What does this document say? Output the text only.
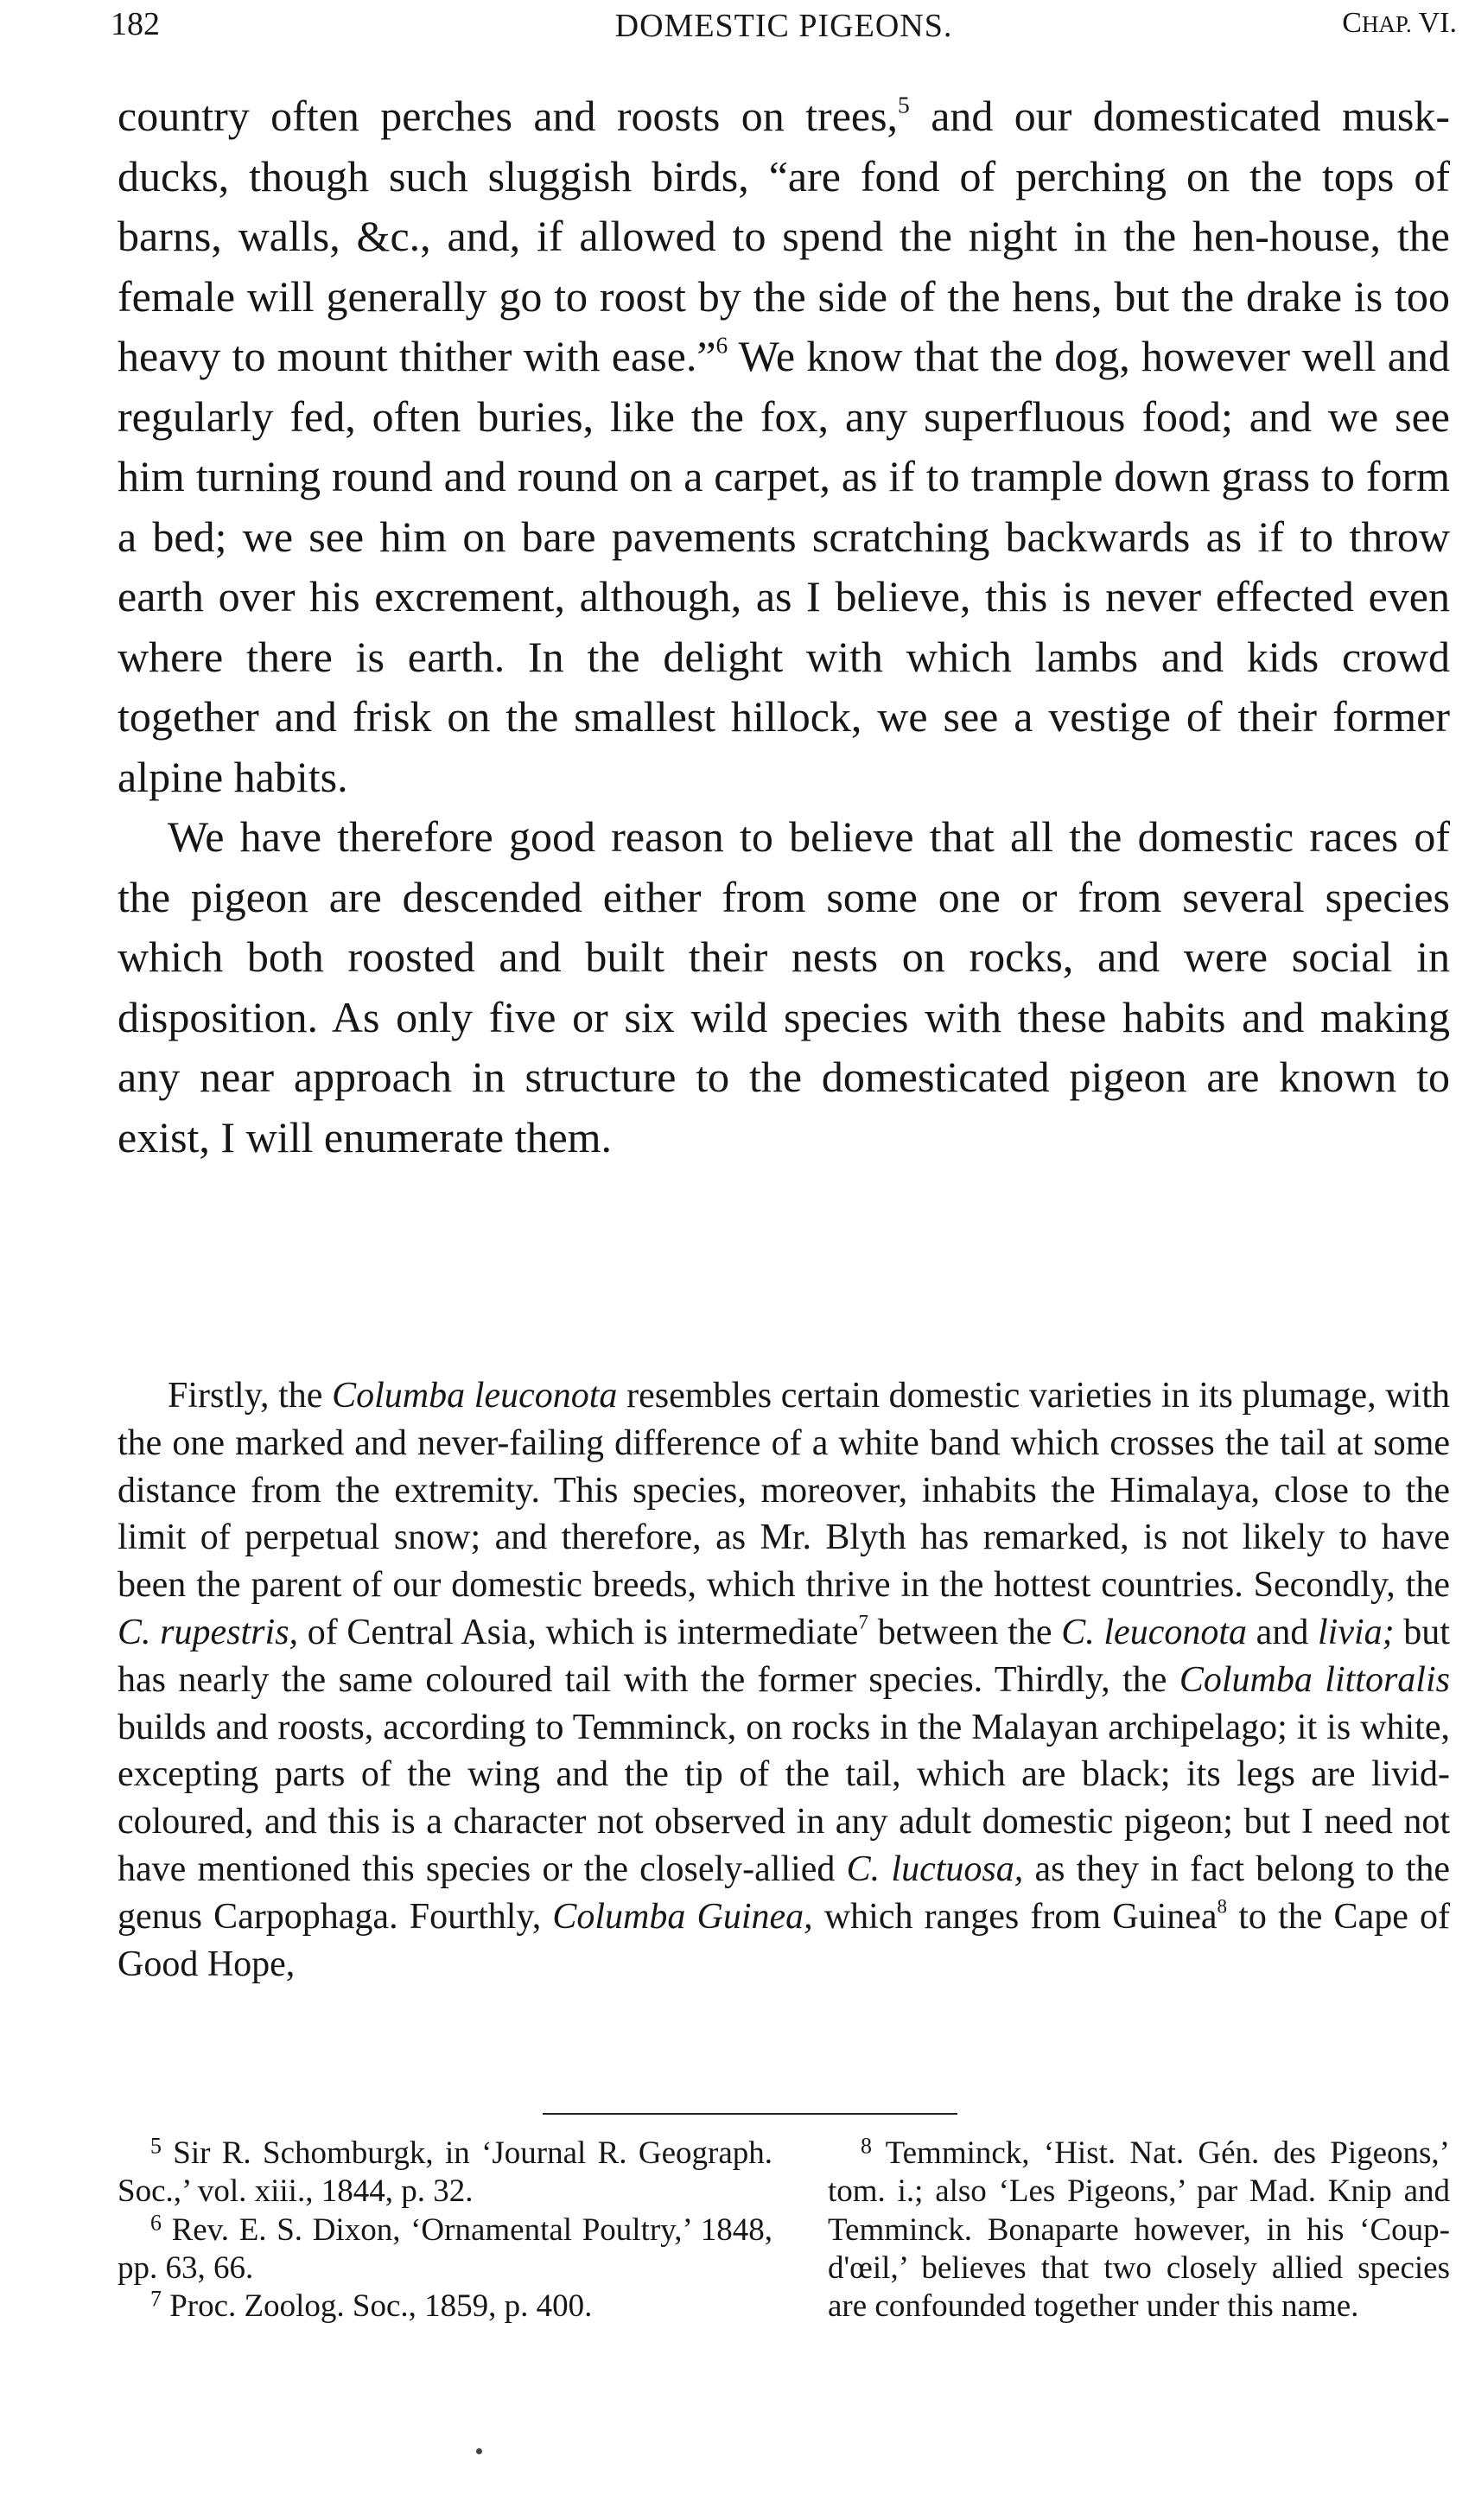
182	DOMESTIC PIGEONS.	CHAP. VI.

country often perches and roosts on trees,$^5$ and our domesticated musk-ducks, though such sluggish birds, “are fond of perching on the tops of barns, walls, &c., and, if allowed to spend the night in the hen-house, the female will generally go to roost by the side of the hens, but the drake is too heavy to mount thither with ease.”$^6$ We know that the dog, however well and regularly fed, often buries, like the fox, any superfluous food; and we see him turning round and round on a carpet, as if to trample down grass to form a bed; we see him on bare pavements scratching backwards as if to throw earth over his excrement, although, as I believe, this is never effected even where there is earth. In the delight with which lambs and kids crowd together and frisk on the smallest hillock, we see a vestige of their former alpine habits.

We have therefore good reason to believe that all the domestic races of the pigeon are descended either from some one or from several species which both roosted and built their nests on rocks, and were social in disposition. As only five or six wild species with these habits and making any near approach in structure to the domesticated pigeon are known to exist, I will enumerate them.

Firstly, the Columba leuconota resembles certain domestic varieties in its plumage, with the one marked and never-failing difference of a white band which crosses the tail at some distance from the extremity. This species, moreover, inhabits the Himalaya, close to the limit of perpetual snow; and therefore, as Mr. Blyth has remarked, is not likely to have been the parent of our domestic breeds, which thrive in the hottest countries. Secondly, the C. rupestris, of Central Asia, which is intermediate$^7$ between the C. leuconota and livia; but has nearly the same coloured tail with the former species. Thirdly, the Columba littoralis builds and roosts, according to Temminck, on rocks in the Malayan archipelago; it is white, excepting parts of the wing and the tip of the tail, which are black; its legs are livid-coloured, and this is a character not observed in any adult domestic pigeon; but I need not have mentioned this species or the closely-allied C. luctuosa, as they in fact belong to the genus Carpophaga. Fourthly, Columba Guinea, which ranges from Guinea$^8$ to the Cape of Good Hope,

$^5$ Sir R. Schomburgk, in ‘Journal R. Geograph. Soc.,’ vol. xiii., 1844, p. 32.

$^6$ Rev. E. S. Dixon, ‘Ornamental Poultry,’ 1848, pp. 63, 66.

$^7$ Proc. Zoolog. Soc., 1859, p. 400.

$^8$ Temminck, ‘Hist. Nat. Gén. des Pigeons,’ tom. i.; also ‘Les Pigeons,’ par Mad. Knip and Temminck. Bonaparte however, in his ‘Coup-d'œil,’ believes that two closely allied species are confounded together under this name.
